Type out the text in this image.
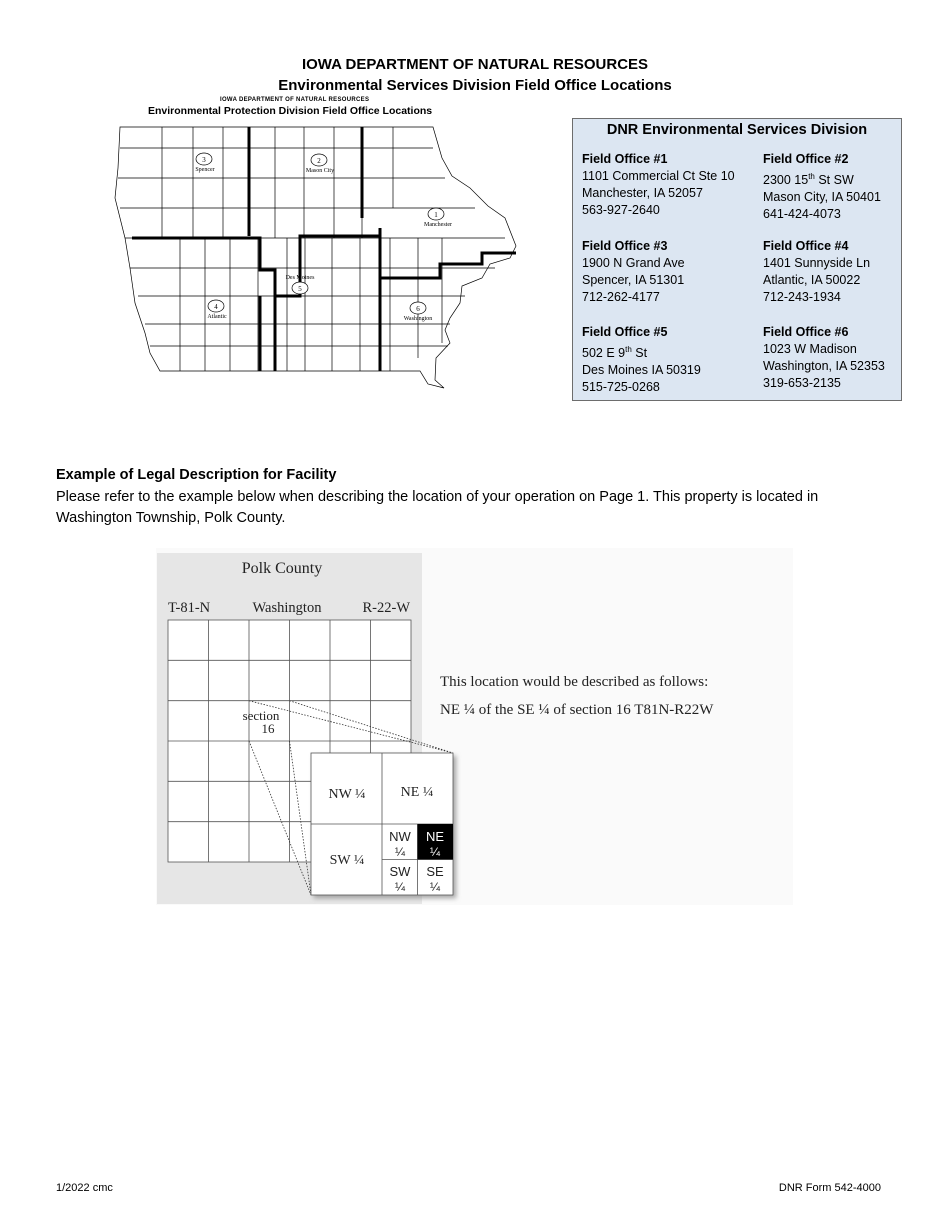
IOWA DEPARTMENT OF NATURAL RESOURCES
Environmental Services Division Field Office Locations
IOWA DEPARTMENT OF NATURAL RESOURCES
Environmental Protection Division Field Office Locations
1
Manchester
2
Mason City
3
Spencer
4
Atlantic
Des Moines
5
6
Washington
DNR Environmental Services Division
Field Office #1
1101 Commercial Ct Ste 10
Manchester, IA 52057
563-927-2640
Field Office #2
2300 15th St SW
Mason City, IA 50401
641-424-4073
Field Office #3
1900 N Grand Ave
Spencer, IA 51301
712-262-4177
Field Office #4
1401 Sunnyside Ln
Atlantic, IA 50022
712-243-1934
Field Office #5
502 E 9th St
Des Moines IA 50319
515-725-0268
Field Office #6
1023 W Madison
Washington, IA 52353
319-653-2135
Example of Legal Description for Facility
Please refer to the example below when describing the location of your operation on Page 1. This property is located in Washington Township, Polk County.
Polk County
T-81-N	Washington	R-22-W
section
16
NW ¼	NE ¼
SW ¼
NW
¼
NE
¼
SW
¼
SE
¼
This location would be described as follows:
NE ¼ of the SE ¼ of section 16 T81N-R22W
1/2022 cmc	DNR Form 542-4000
